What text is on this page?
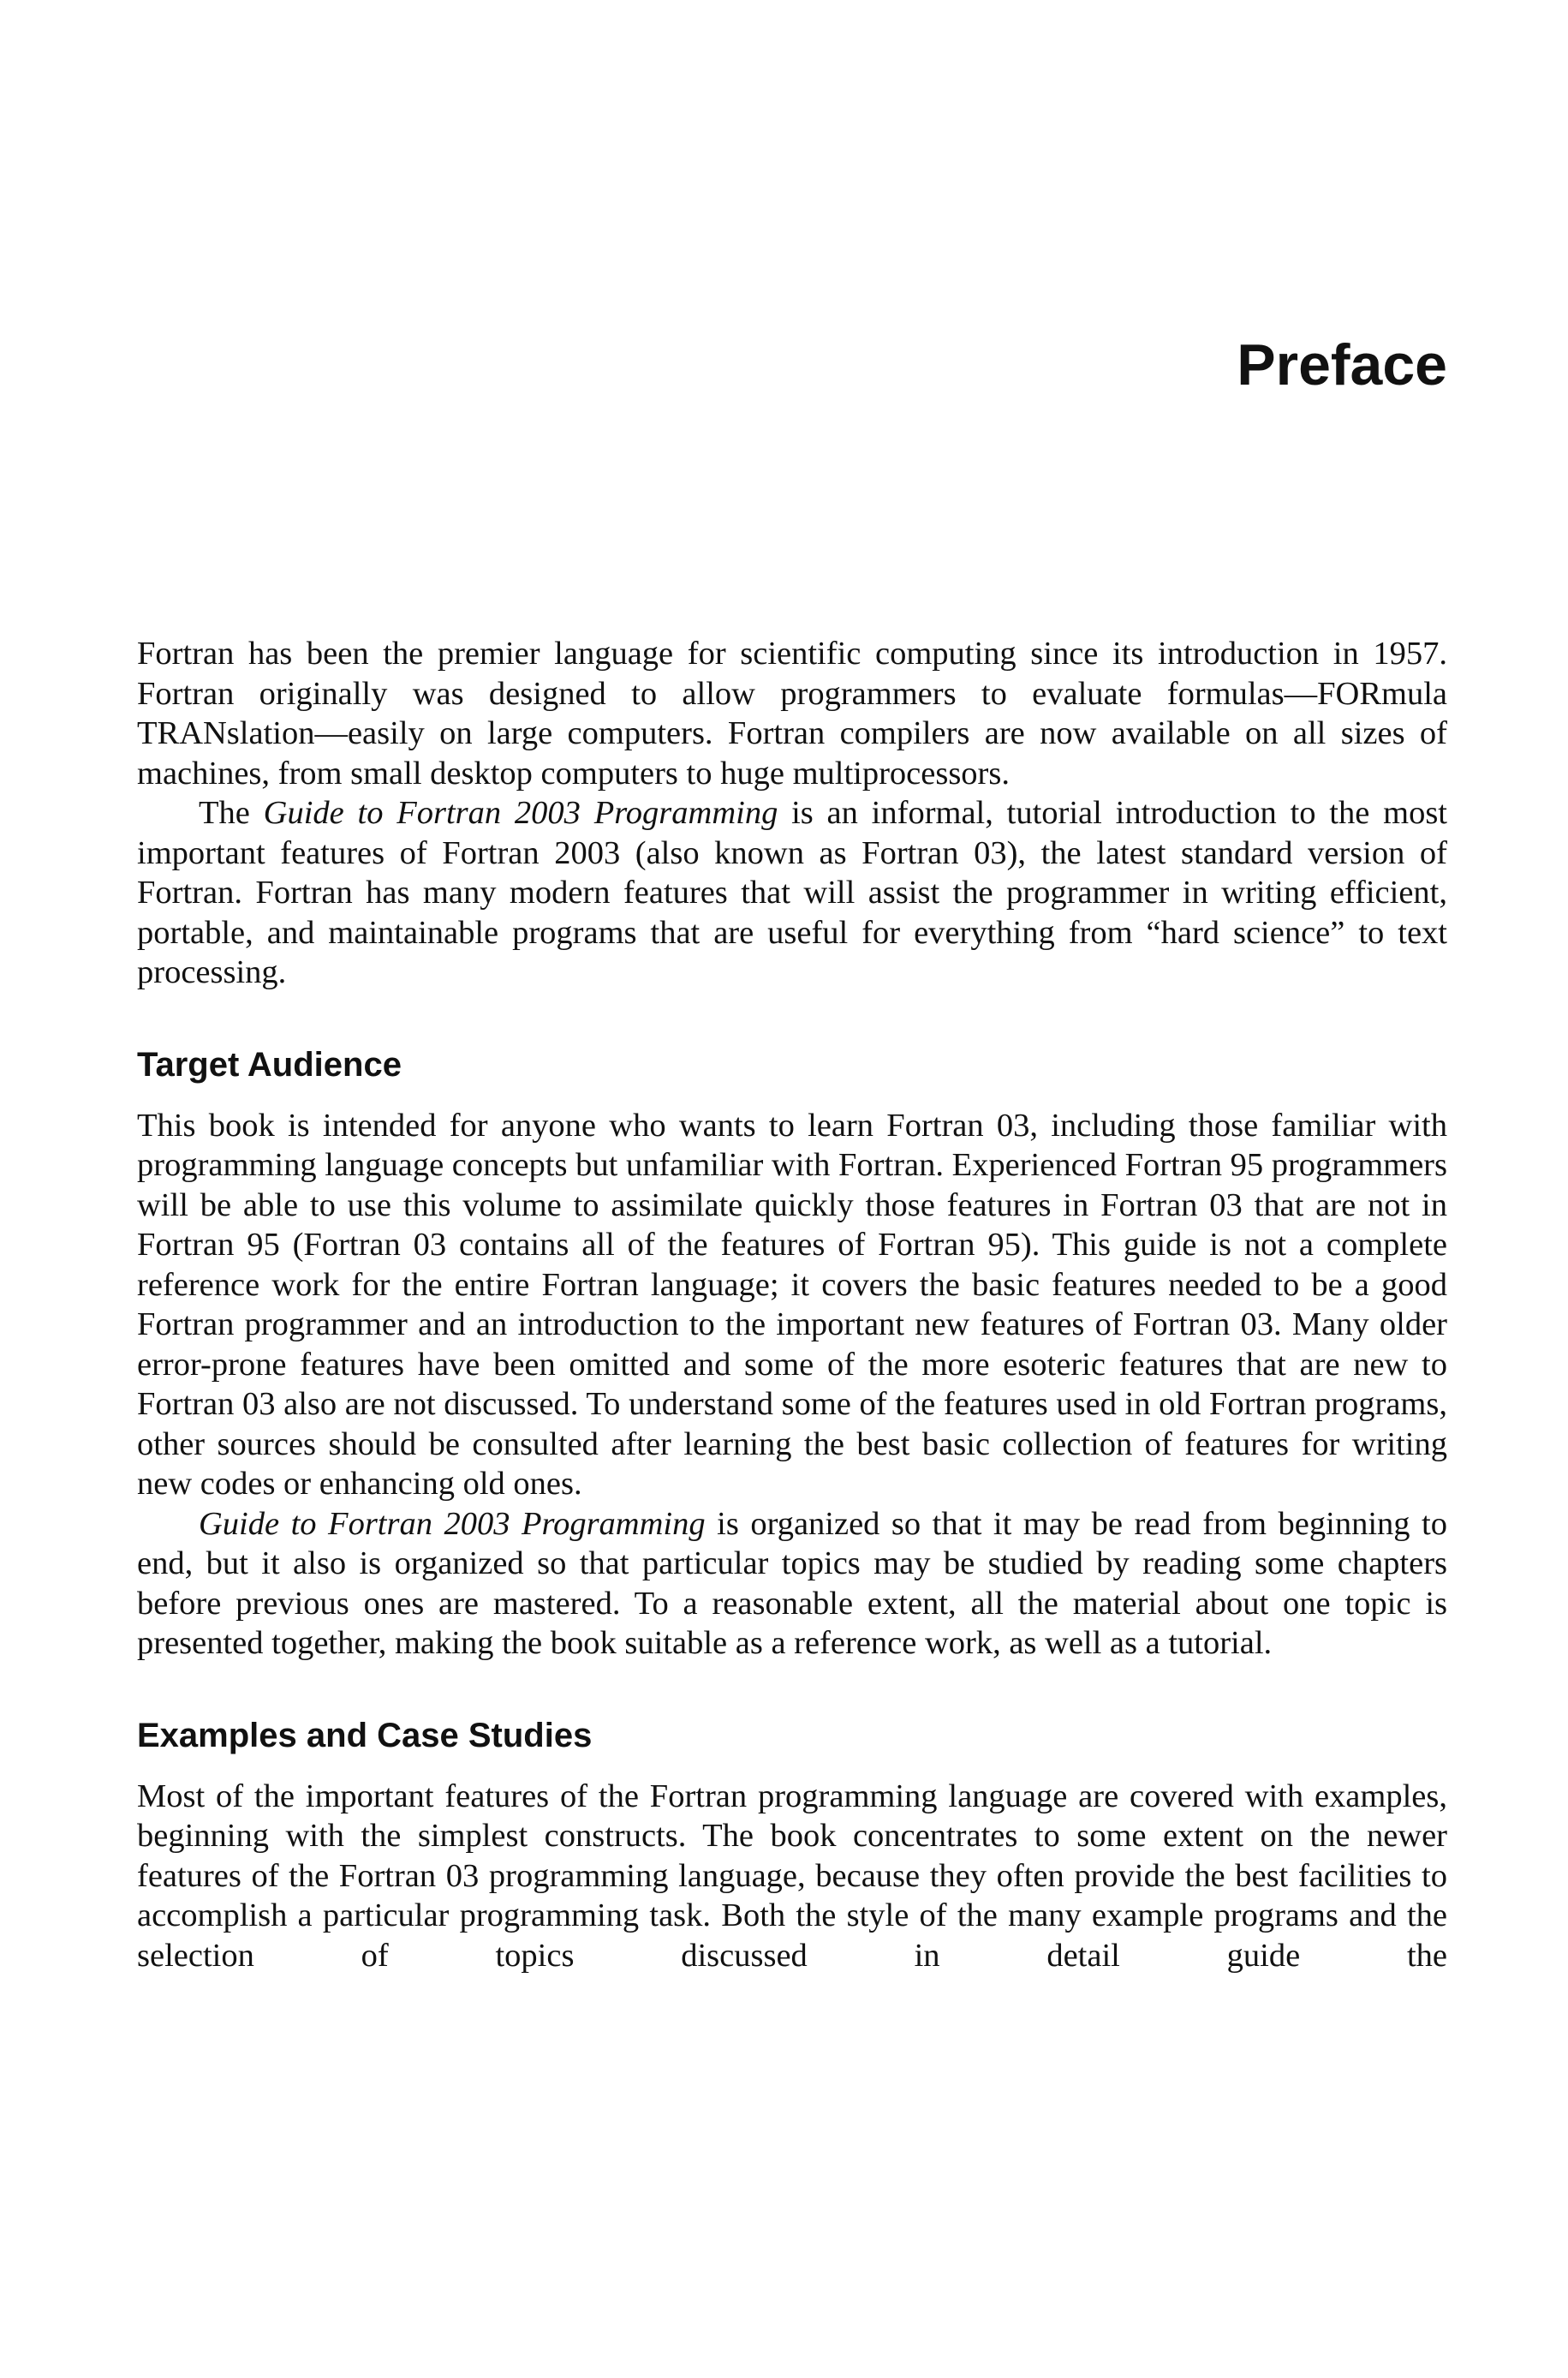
Preface

Fortran has been the premier language for scientific computing since its introduction in 1957. Fortran originally was designed to allow programmers to evaluate formulas—FORmula TRANslation—easily on large computers. Fortran compilers are now available on all sizes of machines, from small desktop computers to huge multiprocessors.

The Guide to Fortran 2003 Programming is an informal, tutorial introduction to the most important features of Fortran 2003 (also known as Fortran 03), the latest standard version of Fortran. Fortran has many modern features that will assist the programmer in writing efficient, portable, and maintainable programs that are useful for everything from “hard science” to text processing.

Target Audience

This book is intended for anyone who wants to learn Fortran 03, including those familiar with programming language concepts but unfamiliar with Fortran. Experienced Fortran 95 programmers will be able to use this volume to assimilate quickly those features in Fortran 03 that are not in Fortran 95 (Fortran 03 contains all of the features of Fortran 95). This guide is not a complete reference work for the entire Fortran language; it covers the basic features needed to be a good Fortran programmer and an introduction to the important new features of Fortran 03. Many older error-prone features have been omitted and some of the more esoteric features that are new to Fortran 03 also are not discussed. To understand some of the features used in old Fortran programs, other sources should be consulted after learning the best basic collection of features for writing new codes or enhancing old ones.

Guide to Fortran 2003 Programming is organized so that it may be read from beginning to end, but it also is organized so that particular topics may be studied by reading some chapters before previous ones are mastered. To a reasonable extent, all the material about one topic is presented together, making the book suitable as a reference work, as well as a tutorial.

Examples and Case Studies

Most of the important features of the Fortran programming language are covered with examples, beginning with the simplest constructs. The book concentrates to some extent on the newer features of the Fortran 03 programming language, because they often provide the best facilities to accomplish a particular programming task. Both the style of the many example programs and the selection of topics discussed in detail guide the
